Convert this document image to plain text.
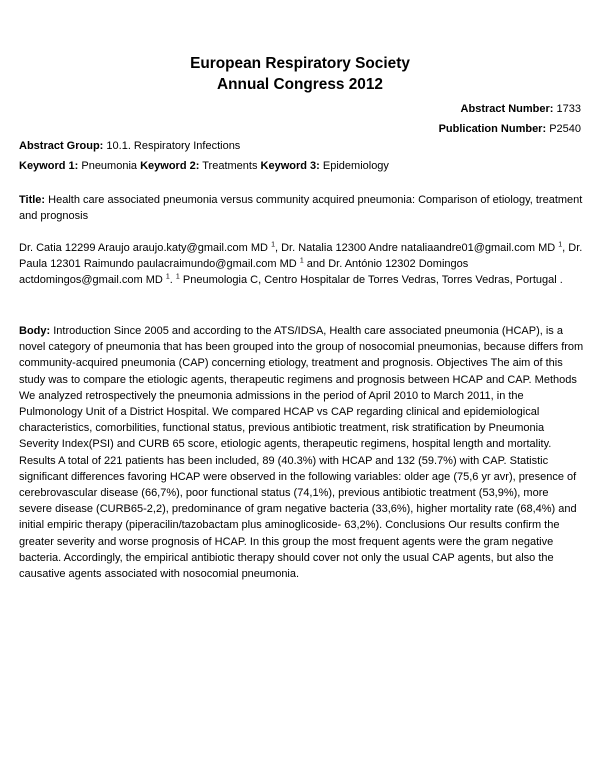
European Respiratory Society
Annual Congress 2012
Abstract Number: 1733
Publication Number: P2540
Abstract Group: 10.1. Respiratory Infections
Keyword 1: Pneumonia Keyword 2: Treatments Keyword 3: Epidemiology
Title: Health care associated pneumonia versus community acquired pneumonia: Comparison of etiology, treatment and prognosis
Dr. Catia 12299 Araujo araujo.katy@gmail.com MD $^1$, Dr. Natalia 12300 Andre nataliaandre01@gmail.com MD $^1$, Dr. Paula 12301 Raimundo paulacraimundo@gmail.com MD $^1$ and Dr. António 12302 Domingos actdomingos@gmail.com MD $^1$. $^1$ Pneumologia C, Centro Hospitalar de Torres Vedras, Torres Vedras, Portugal .
Body: Introduction Since 2005 and according to the ATS/IDSA, Health care associated pneumonia (HCAP), is a novel category of pneumonia that has been grouped into the group of nosocomial pneumonias, because differs from community-acquired pneumonia (CAP) concerning etiology, treatment and prognosis. Objectives The aim of this study was to compare the etiologic agents, therapeutic regimens and prognosis between HCAP and CAP. Methods We analyzed retrospectively the pneumonia admissions in the period of April 2010 to March 2011, in the Pulmonology Unit of a District Hospital. We compared HCAP vs CAP regarding clinical and epidemiological characteristics, comorbilities, functional status, previous antibiotic treatment, risk stratification by Pneumonia Severity Index(PSI) and CURB 65 score, etiologic agents, therapeutic regimens, hospital length and mortality. Results A total of 221 patients has been included, 89 (40.3%) with HCAP and 132 (59.7%) with CAP. Statistic significant differences favoring HCAP were observed in the following variables: older age (75,6 yr avr), presence of cerebrovascular disease (66,7%), poor functional status (74,1%), previous antibiotic treatment (53,9%), more severe disease (CURB65-2,2), predominance of gram negative bacteria (33,6%), higher mortality rate (68,4%) and initial empiric therapy (piperacilin/tazobactam plus aminoglicoside- 63,2%). Conclusions Our results confirm the greater severity and worse prognosis of HCAP. In this group the most frequent agents were the gram negative bacteria. Accordingly, the empirical antibiotic therapy should cover not only the usual CAP agents, but also the causative agents associated with nosocomial pneumonia.
